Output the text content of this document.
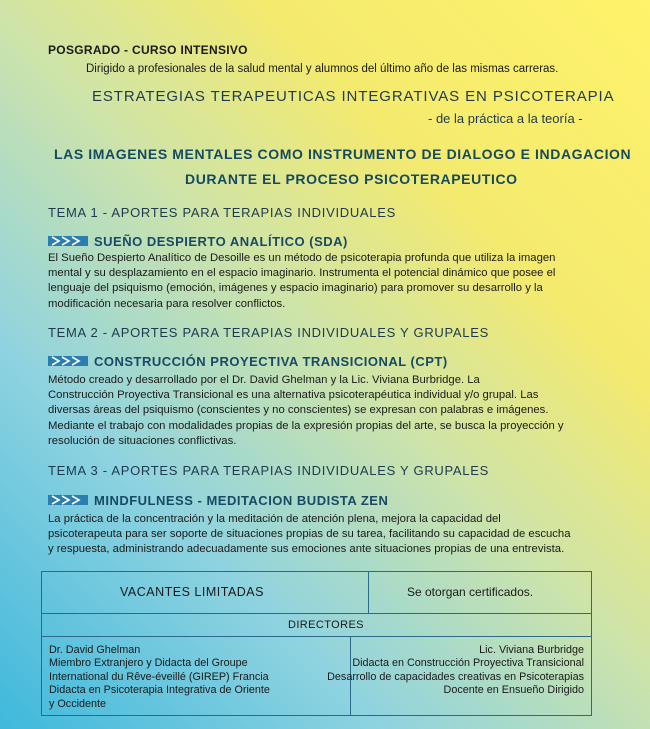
POSGRADO - CURSO INTENSIVO
Dirigido a profesionales de la salud mental y alumnos del último año de las mismas carreras.
ESTRATEGIAS TERAPEUTICAS INTEGRATIVAS EN PSICOTERAPIA
- de la práctica a la teoría -
LAS IMAGENES MENTALES COMO INSTRUMENTO DE DIALOGO E INDAGACION
DURANTE EL PROCESO PSICOTERAPEUTICO
TEMA 1 - APORTES PARA TERAPIAS INDIVIDUALES
SUEÑO DESPIERTO ANALÍTICO (SDA)
El Sueño Despierto Analítico de Desoille es un método de psicoterapia profunda que utiliza la imagen
mental y su desplazamiento en el espacio imaginario. Instrumenta el potencial dinámico que posee el
lenguaje del psiquismo (emoción, imágenes y espacio imaginario) para promover su desarrollo y la
modificación necesaria para resolver conflictos.
TEMA 2 - APORTES PARA TERAPIAS INDIVIDUALES Y GRUPALES
CONSTRUCCIÓN PROYECTIVA TRANSICIONAL (CPT)
Método creado y desarrollado por el Dr. David Ghelman y la Lic. Viviana Burbridge. La
Construcción Proyectiva Transicional es una alternativa psicoterapéutica individual y/o grupal. Las
diversas áreas del psiquismo (conscientes y no conscientes) se expresan con palabras e imágenes.
Mediante el trabajo con modalidades propias de la expresión propias del arte, se busca la proyección y
resolución de situaciones conflictivas.
TEMA 3 - APORTES PARA TERAPIAS INDIVIDUALES Y GRUPALES
MINDFULNESS - MEDITACION BUDISTA ZEN
La práctica de la concentración y la meditación de atención plena, mejora la capacidad del
psicoterapeuta para ser soporte de situaciones propias de su tarea, facilitando su capacidad de escucha
y respuesta, administrando adecuadamente sus emociones ante situaciones propias de una entrevista.
VACANTES LIMITADAS	Se otorgan certificados.
DIRECTORES
Dr. David Ghelman
Miembro Extranjero y Didacta del Groupe
International du Rêve-éveillé (GIREP) Francia
Didacta en Psicoterapia Integrativa de Oriente
y Occidente
Lic. Viviana Burbridge
Didacta en Construcción Proyectiva Transicional
Desarrollo de capacidades creativas en Psicoterapias
Docente en Ensueño Dirigido
